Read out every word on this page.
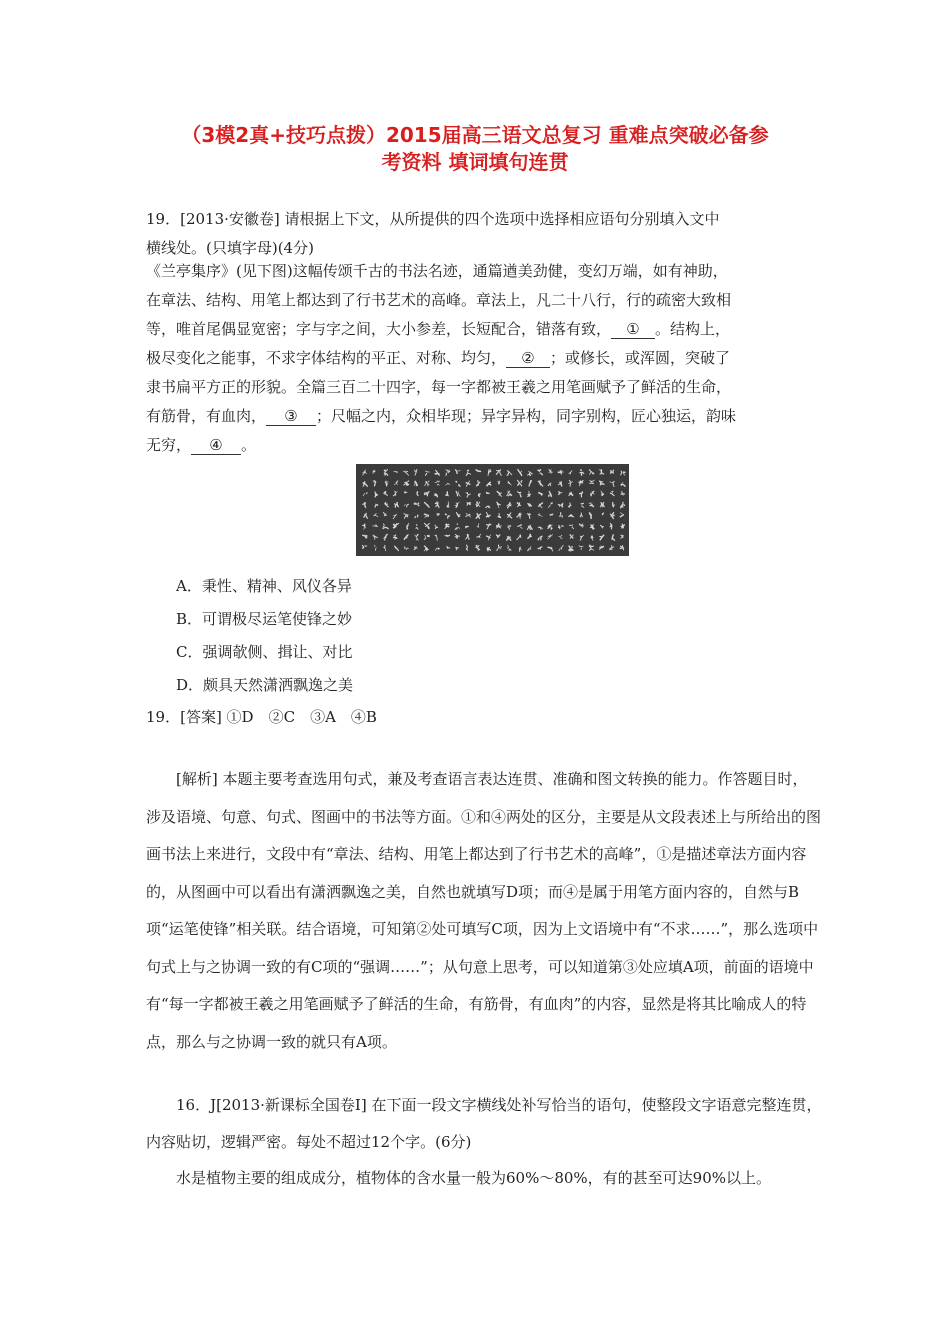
（3模2真+技巧点拨）2015届高三语文总复习 重难点突破必备参
考资料 填词填句连贯

19．[2013·安徽卷] 请根据上下文，从所提供的四个选项中选择相应语句分别填入文中

横线处。(只填字母)(4分)

《兰亭集序》(见下图)这幅传颂千古的书法名迹，通篇遒美劲健，变幻万端，如有神助，

在章法、结构、用笔上都达到了行书艺术的高峰。章法上，凡二十八行，行的疏密大致相

等，唯首尾偶显宽密；字与字之间，大小参差，长短配合，错落有致， ① 。结构上，

极尽变化之能事，不求字体结构的平正、对称、均匀， ② ；或修长，或浑圆，突破了

隶书扁平方正的形貌。全篇三百二十四字，每一字都被王羲之用笔画赋予了鲜活的生命，

有筋骨，有血肉， ③ ；尺幅之内，众相毕现；异字异构，同字别构，匠心独运，韵味

无穷， ④ 。

A．秉性、精神、风仪各异
B．可谓极尽运笔使锋之妙
C．强调欹侧、揖让、对比
D．颇具天然潇洒飘逸之美

19．[答案] ①D　②C　③A　④B

[解析] 本题主要考查选用句式，兼及考查语言表达连贯、准确和图文转换的能力。作答题目时，涉及语境、句意、句式、图画中的书法等方面。①和④两处的区分，主要是从文段表述上与所给出的图画书法上来进行，文段中有“章法、结构、用笔上都达到了行书艺术的高峰”，①是描述章法方面内容的，从图画中可以看出有潇洒飘逸之美，自然也就填写D项；而④是属于用笔方面内容的，自然与B项“运笔使锋”相关联。结合语境，可知第②处可填写C项，因为上文语境中有“不求……”，那么选项中句式上与之协调一致的有C项的“强调……”；从句意上思考，可以知道第③处应填A项，前面的语境中有“每一字都被王羲之用笔画赋予了鲜活的生命，有筋骨，有血肉”的内容，显然是将其比喻成人的特点，那么与之协调一致的就只有A项。

16．J[2013·新课标全国卷Ⅰ] 在下面一段文字横线处补写恰当的语句，使整段文字语意完整连贯，内容贴切，逻辑严密。每处不超过12个字。(6分)

水是植物主要的组成成分，植物体的含水量一般为60%～80%，有的甚至可达90%以上。
